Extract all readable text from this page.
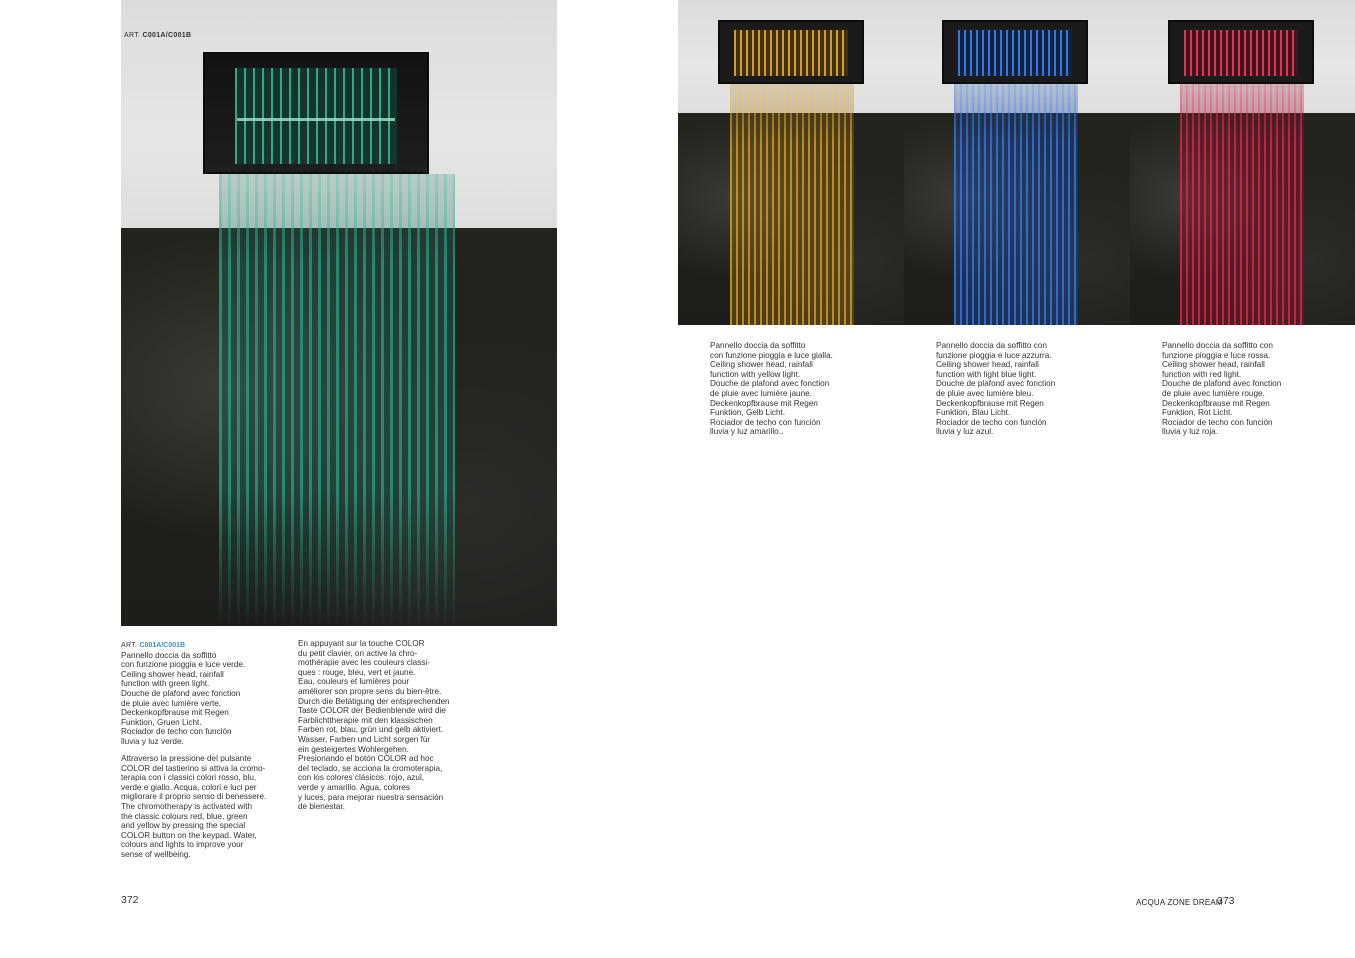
ART. C001A/C001B
ART. C001A/C001B
Pannello doccia da soffitto
con funzione pioggia e luce verde.
Ceiling shower head, rainfall
function with green light.
Douche de plafond avec fonction
de pluie avec lumière verte.
Deckenkopfbrause mit Regen
Funktion, Gruen Licht.
Rociador de techo con función
lluvia y luz verde.
Attraverso la pressione del pulsante
COLOR del tastierino si attiva la cromo-
terapia con i classici colori rosso, blu,
verde e giallo. Acqua, colori e luci per
migliorare il proprio senso di benessere.
The chromotherapy is activated with
the classic colours red, blue, green
and yellow by pressing the special
COLOR button on the keypad. Water,
colours and lights to improve your
sense of wellbeing.
En appuyant sur la touche COLOR
du petit clavier, on active la chro-
mothérapie avec les couleurs classi-
ques : rouge, bleu, vert et jaune.
Eau, couleurs et lumières pour
améliorer son propre sens du bien-être.
Durch die Betätigung der entsprechenden
Taste COLOR der Bedienblende wird die
Farblichttherapie mit den klassischen
Farben rot, blau, grün und gelb aktiviert.
Wasser, Farben und Licht sorgen für
ein gesteigertes Wohlergehen.
Presionando el botón COLOR ad hoc
del teclado, se acciona la cromoterapia,
con los colores clásicos: rojo, azul,
verde y amarillo. Agua, colores
y luces, para mejorar nuestra sensación
de bienestar.
372
Pannello doccia da soffitto
con funzione pioggia e luce gialla.
Ceiling shower head, rainfall
function with yellow light.
Douche de plafond avec fonction
de pluie avec lumière jaune.
Deckenkopfbrause mit Regen
Funktion, Gelb Licht.
Rociador de techo con función
lluvia y luz amarillo..
Pannello doccia da soffitto con
funzione pioggia e luce azzurra.
Ceiling shower head, rainfall
function with light blue light.
Douche de plafond avec fonction
de pluie avec lumière bleu.
Deckenkopfbrause mit Regen
Funktion, Blau Licht.
Rociador de techo con función
lluvia y luz azul.
Pannello doccia da soffitto con
funzione pioggia e luce rossa.
Ceiling shower head, rainfall
function with red light.
Douche de plafond avec fonction
de pluie avec lumière rouge.
Deckenkopfbrause mit Regen
Funktion, Rot Licht.
Rociador de techo con función
lluvia y luz roja.
ACQUA ZONE DREAM
373
